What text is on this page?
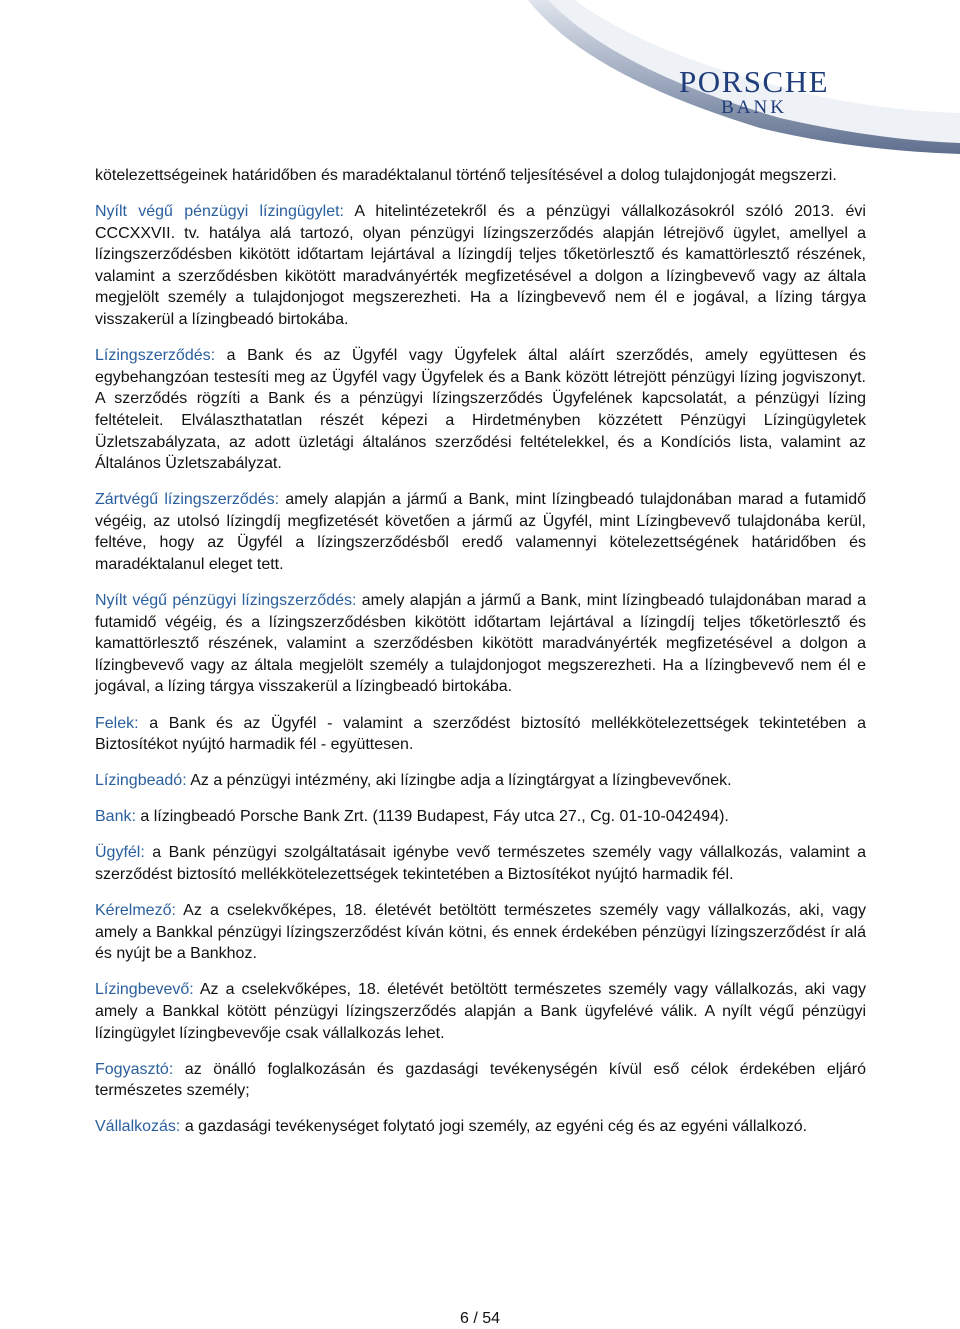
PORSCHE
BANK

kötelezettségeinek határidőben és maradéktalanul történő teljesítésével a dolog tulajdonjogát megszerzi.

Nyílt végű pénzügyi lízingügylet: A hitelintézetekről és a pénzügyi vállalkozásokról szóló 2013. évi CCCXXVII. tv. hatálya alá tartozó, olyan pénzügyi lízingszerződés alapján létrejövő ügylet, amellyel a lízingszerződésben kikötött időtartam lejártával a lízingdíj teljes tőketörlesztő és kamattörlesztő részének, valamint a szerződésben kikötött maradványérték megfizetésével a dolgon a lízingbevevő vagy az általa megjelölt személy a tulajdonjogot megszerezheti. Ha a lízingbevevő nem él e jogával, a lízing tárgya visszakerül a lízingbeadó birtokába.

Lízingszerződés: a Bank és az Ügyfél vagy Ügyfelek által aláírt szerződés, amely együttesen és egybehangzóan testesíti meg az Ügyfél vagy Ügyfelek és a Bank között létrejött pénzügyi lízing jogviszonyt. A szerződés rögzíti a Bank és a pénzügyi lízingszerződés Ügyfelének kapcsolatát, a pénzügyi lízing feltételeit. Elválaszthatatlan részét képezi a Hirdetményben közzétett Pénzügyi Lízingügyletek Üzletszabályzata, az adott üzletági általános szerződési feltételekkel, és a Kondíciós lista, valamint az Általános Üzletszabályzat.

Zártvégű lízingszerződés: amely alapján a jármű a Bank, mint lízingbeadó tulajdonában marad a futamidő végéig, az utolsó lízingdíj megfizetését követően a jármű az Ügyfél, mint Lízingbevevő tulajdonába kerül, feltéve, hogy az Ügyfél a lízingszerződésből eredő valamennyi kötelezettségének határidőben és maradéktalanul eleget tett.

Nyílt végű pénzügyi lízingszerződés: amely alapján a jármű a Bank, mint lízingbeadó tulajdonában marad a futamidő végéig, és a lízingszerződésben kikötött időtartam lejártával a lízingdíj teljes tőketörlesztő és kamattörlesztő részének, valamint a szerződésben kikötött maradványérték megfizetésével a dolgon a lízingbevevő vagy az általa megjelölt személy a tulajdonjogot megszerezheti. Ha a lízingbevevő nem él e jogával, a lízing tárgya visszakerül a lízingbeadó birtokába.

Felek: a Bank és az Ügyfél - valamint a szerződést biztosító mellékkötelezettségek tekintetében a Biztosítékot nyújtó harmadik fél - együttesen.

Lízingbeadó: Az a pénzügyi intézmény, aki lízingbe adja a lízingtárgyat a lízingbevevőnek.

Bank: a lízingbeadó Porsche Bank Zrt. (1139 Budapest, Fáy utca 27., Cg. 01-10-042494).

Ügyfél: a Bank pénzügyi szolgáltatásait igénybe vevő természetes személy vagy vállalkozás, valamint a szerződést biztosító mellékkötelezettségek tekintetében a Biztosítékot nyújtó harmadik fél.

Kérelmező: Az a cselekvőképes, 18. életévét betöltött természetes személy vagy vállalkozás, aki, vagy amely a Bankkal pénzügyi lízingszerződést kíván kötni, és ennek érdekében pénzügyi lízingszerződést ír alá és nyújt be a Bankhoz.

Lízingbevevő: Az a cselekvőképes, 18. életévét betöltött természetes személy vagy vállalkozás, aki vagy amely a Bankkal kötött pénzügyi lízingszerződés alapján a Bank ügyfelévé válik. A nyílt végű pénzügyi lízingügylet lízingbevevője csak vállalkozás lehet.

Fogyasztó: az önálló foglalkozásán és gazdasági tevékenységén kívül eső célok érdekében eljáró természetes személy;

Vállalkozás: a gazdasági tevékenységet folytató jogi személy, az egyéni cég és az egyéni vállalkozó.

6 / 54
